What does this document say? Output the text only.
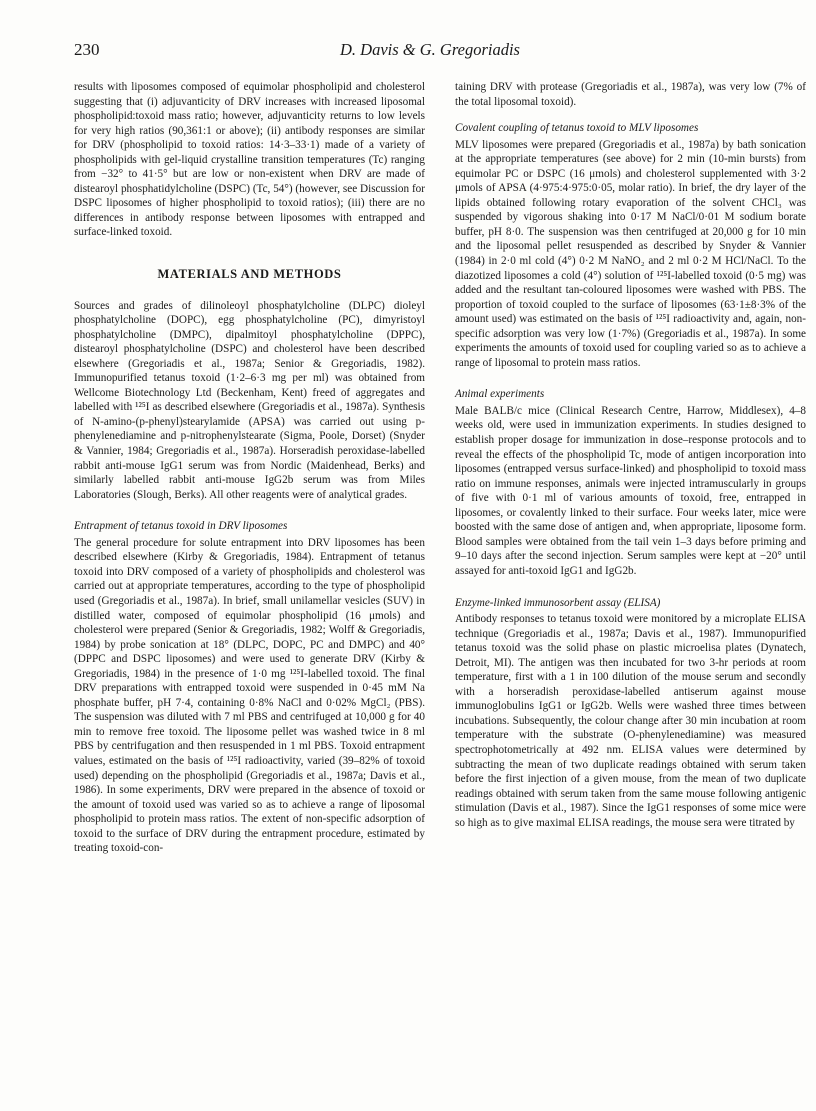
230	D. Davis & G. Gregoriadis

results with liposomes composed of equimolar phospholipid and cholesterol suggesting that (i) adjuvanticity of DRV increases with increased liposomal phospholipid:toxoid mass ratio; however, adjuvanticity returns to low levels for very high ratios (90,361:1 or above); (ii) antibody responses are similar for DRV (phospholipid to toxoid ratios: 14·3–33·1) made of a variety of phospholipids with gel-liquid crystalline transition temperatures (Tc) ranging from −32° to 41·5° but are low or non-existent when DRV are made of distearoyl phosphatidylcholine (DSPC) (Tc, 54°) (however, see Discussion for DSPC liposomes of higher phospholipid to toxoid ratios); (iii) there are no differences in antibody response between liposomes with entrapped and surface-linked toxoid.

MATERIALS AND METHODS

Sources and grades of dilinoleoyl phosphatylcholine (DLPC) dioleyl phosphatylcholine (DOPC), egg phosphatylcholine (PC), dimyristoyl phosphatylcholine (DMPC), dipalmitoyl phosphatylcholine (DPPC), distearoyl phosphatylcholine (DSPC) and cholesterol have been described elsewhere (Gregoriadis et al., 1987a; Senior & Gregoriadis, 1982). Immunopurified tetanus toxoid (1·2–6·3 mg per ml) was obtained from Wellcome Biotechnology Ltd (Beckenham, Kent) freed of aggregates and labelled with ¹²⁵I as described elsewhere (Gregoriadis et al., 1987a). Synthesis of N-amino-(p-phenyl)stearylamide (APSA) was carried out using p-phenylenediamine and p-nitrophenylstearate (Sigma, Poole, Dorset) (Snyder & Vannier, 1984; Gregoriadis et al., 1987a). Horseradish peroxidase-labelled rabbit anti-mouse IgG1 serum was from Nordic (Maidenhead, Berks) and similarly labelled rabbit anti-mouse IgG2b serum was from Miles Laboratories (Slough, Berks). All other reagents were of analytical grades.

Entrapment of tetanus toxoid in DRV liposomes

The general procedure for solute entrapment into DRV liposomes has been described elsewhere (Kirby & Gregoriadis, 1984). Entrapment of tetanus toxoid into DRV composed of a variety of phospholipids and cholesterol was carried out at appropriate temperatures, according to the type of phospholipid used (Gregoriadis et al., 1987a). In brief, small unilamellar vesicles (SUV) in distilled water, composed of equimolar phospholipid (16 μmols) and cholesterol were prepared (Senior & Gregoriadis, 1982; Wolff & Gregoriadis, 1984) by probe sonication at 18° (DLPC, DOPC, PC and DMPC) and 40° (DPPC and DSPC liposomes) and were used to generate DRV (Kirby & Gregoriadis, 1984) in the presence of 1·0 mg ¹²⁵I-labelled toxoid. The final DRV preparations with entrapped toxoid were suspended in 0·45 mM Na phosphate buffer, pH 7·4, containing 0·8% NaCl and 0·02% MgCl₂ (PBS). The suspension was diluted with 7 ml PBS and centrifuged at 10,000 g for 40 min to remove free toxoid. The liposome pellet was washed twice in 8 ml PBS by centrifugation and then resuspended in 1 ml PBS. Toxoid entrapment values, estimated on the basis of ¹²⁵I radioactivity, varied (39–82% of toxoid used) depending on the phospholipid (Gregoriadis et al., 1987a; Davis et al., 1986). In some experiments, DRV were prepared in the absence of toxoid or the amount of toxoid used was varied so as to achieve a range of liposomal phospholipid to protein mass ratios. The extent of non-specific adsorption of toxoid to the surface of DRV during the entrapment procedure, estimated by treating toxoid-con-

taining DRV with protease (Gregoriadis et al., 1987a), was very low (7% of the total liposomal toxoid).

Covalent coupling of tetanus toxoid to MLV liposomes

MLV liposomes were prepared (Gregoriadis et al., 1987a) by bath sonication at the appropriate temperatures (see above) for 2 min (10-min bursts) from equimolar PC or DSPC (16 μmols) and cholesterol supplemented with 3·2 μmols of APSA (4·975:4·975:0·05, molar ratio). In brief, the dry layer of the lipids obtained following rotary evaporation of the solvent CHCl₃ was suspended by vigorous shaking into 0·17 M NaCl/0·01 M sodium borate buffer, pH 8·0. The suspension was then centrifuged at 20,000 g for 10 min and the liposomal pellet resuspended as described by Snyder & Vannier (1984) in 2·0 ml cold (4°) 0·2 M NaNO₂ and 2 ml 0·2 M HCl/NaCl. To the diazotized liposomes a cold (4°) solution of ¹²⁵I-labelled toxoid (0·5 mg) was added and the resultant tan-coloured liposomes were washed with PBS. The proportion of toxoid coupled to the surface of liposomes (63·1±8·3% of the amount used) was estimated on the basis of ¹²⁵I radioactivity and, again, non-specific adsorption was very low (1·7%) (Gregoriadis et al., 1987a). In some experiments the amounts of toxoid used for coupling varied so as to achieve a range of liposomal to protein mass ratios.

Animal experiments

Male BALB/c mice (Clinical Research Centre, Harrow, Middlesex), 4–8 weeks old, were used in immunization experiments. In studies designed to establish proper dosage for immunization in dose–response protocols and to reveal the effects of the phospholipid Tc, mode of antigen incorporation into liposomes (entrapped versus surface-linked) and phospholipid to toxoid mass ratio on immune responses, animals were injected intramuscularly in groups of five with 0·1 ml of various amounts of toxoid, free, entrapped in liposomes, or covalently linked to their surface. Four weeks later, mice were boosted with the same dose of antigen and, when appropriate, liposome form. Blood samples were obtained from the tail vein 1–3 days before priming and 9–10 days after the second injection. Serum samples were kept at −20° until assayed for anti-toxoid IgG1 and IgG2b.

Enzyme-linked immunosorbent assay (ELISA)

Antibody responses to tetanus toxoid were monitored by a microplate ELISA technique (Gregoriadis et al., 1987a; Davis et al., 1987). Immunopurified tetanus toxoid was the solid phase on plastic microelisa plates (Dynatech, Detroit, MI). The antigen was then incubated for two 3-hr periods at room temperature, first with a 1 in 100 dilution of the mouse serum and secondly with a horseradish peroxidase-labelled antiserum against mouse immunoglobulins IgG1 or IgG2b. Wells were washed three times between incubations. Subsequently, the colour change after 30 min incubation at room temperature with the substrate (O-phenylenediamine) was measured spectrophotometrically at 492 nm. ELISA values were determined by subtracting the mean of two duplicate readings obtained with serum taken before the first injection of a given mouse, from the mean of two duplicate readings obtained with serum taken from the same mouse following antigenic stimulation (Davis et al., 1987). Since the IgG1 responses of some mice were so high as to give maximal ELISA readings, the mouse sera were titrated by
